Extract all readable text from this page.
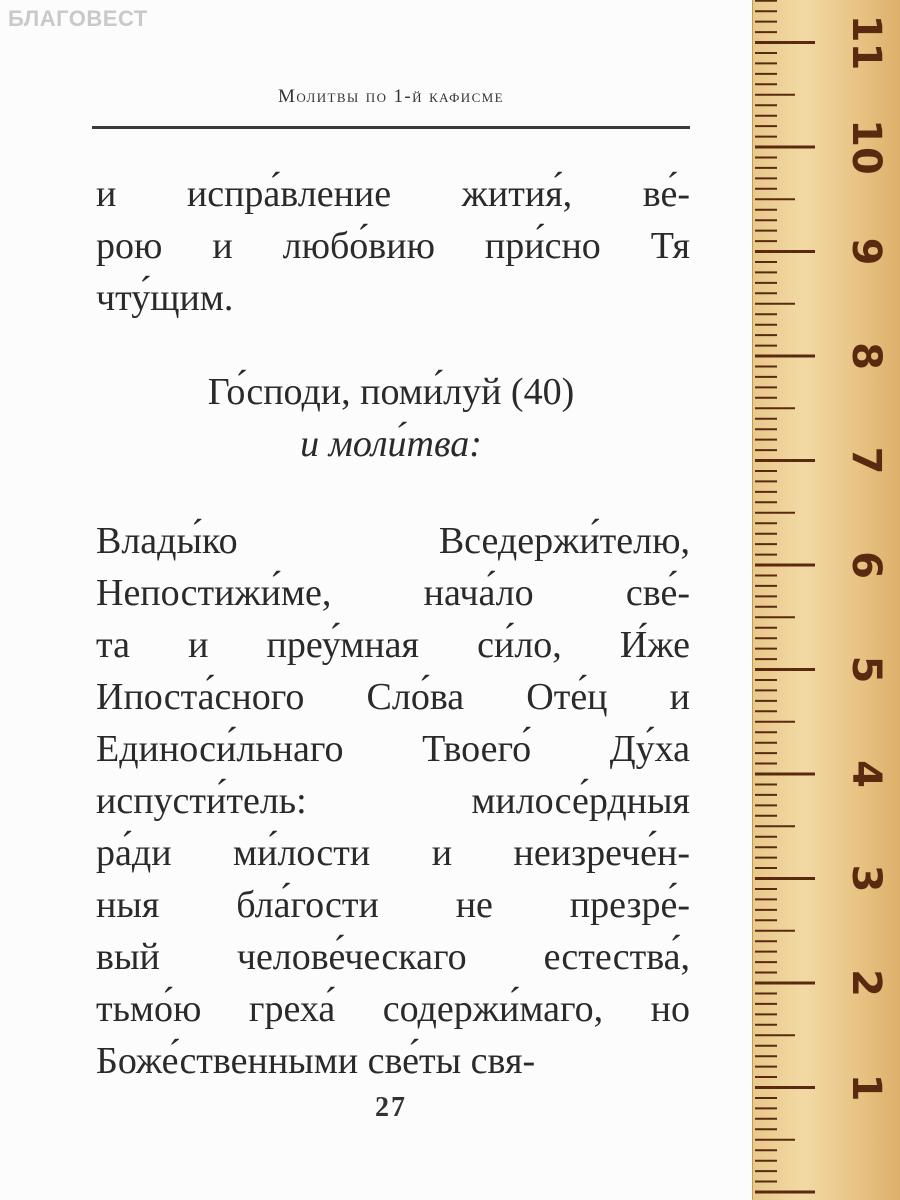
БЛАГОВЕСТ
Молитвы по 1-й кафисме
и испра́вление жития́, ве́-
рою и любо́вию при́сно Тя
чту́щим.
Го́споди, поми́луй (40)
и моли́тва:
Влады́ко Вседержи́телю,
Непостижи́ме, нача́ло све́-
та и преу́мная си́ло, И́же
Ипоста́сного Сло́ва Оте́ц и
Единоси́льнаго Твоего́ Ду́ха
испусти́тель: милосе́рдныя
ра́ди ми́лости и неизрече́н-
ныя бла́гости не презре́-
вый челове́ческаго естества́,
тьмо́ю греха́ содержи́маго, но
Боже́ственными све́ты свя-
27
1
2
3
4
5
6
7
8
9
10
11
